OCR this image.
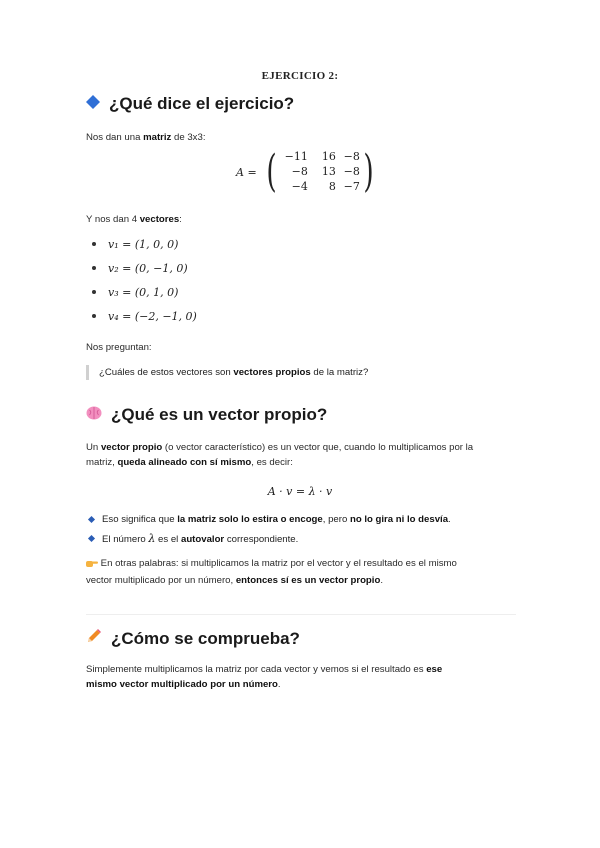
EJERCICIO 2:
¿Qué dice el ejercicio?

Nos dan una matriz de 3x3:

A = ( −11	16 −8
−8	13 −8
−4	8 −7 )

Y nos dan 4 vectores:

v₁ = (1, 0, 0)
v₂ = (0, −1, 0)
v₃ = (0, 1, 0)
v₄ = (−2, −1, 0)

Nos preguntan:

¿Cuáles de estos vectores son vectores propios de la matriz?
¿Qué es un vector propio?

Un vector propio (o vector característico) es un vector que, cuando lo multiplicamos por la
matriz, queda alineado con sí mismo, es decir:

A · v = λ · v
Eso significa que la matriz solo lo estira o encoge, pero no lo gira ni lo desvía.
El número λ es el autovalor correspondiente.

En otras palabras: si multiplicamos la matriz por el vector y el resultado es el mismo
vector multiplicado por un número, entonces sí es un vector propio.

¿Cómo se comprueba?

Simplemente multiplicamos la matriz por cada vector y vemos si el resultado es ese
mismo vector multiplicado por un número.
